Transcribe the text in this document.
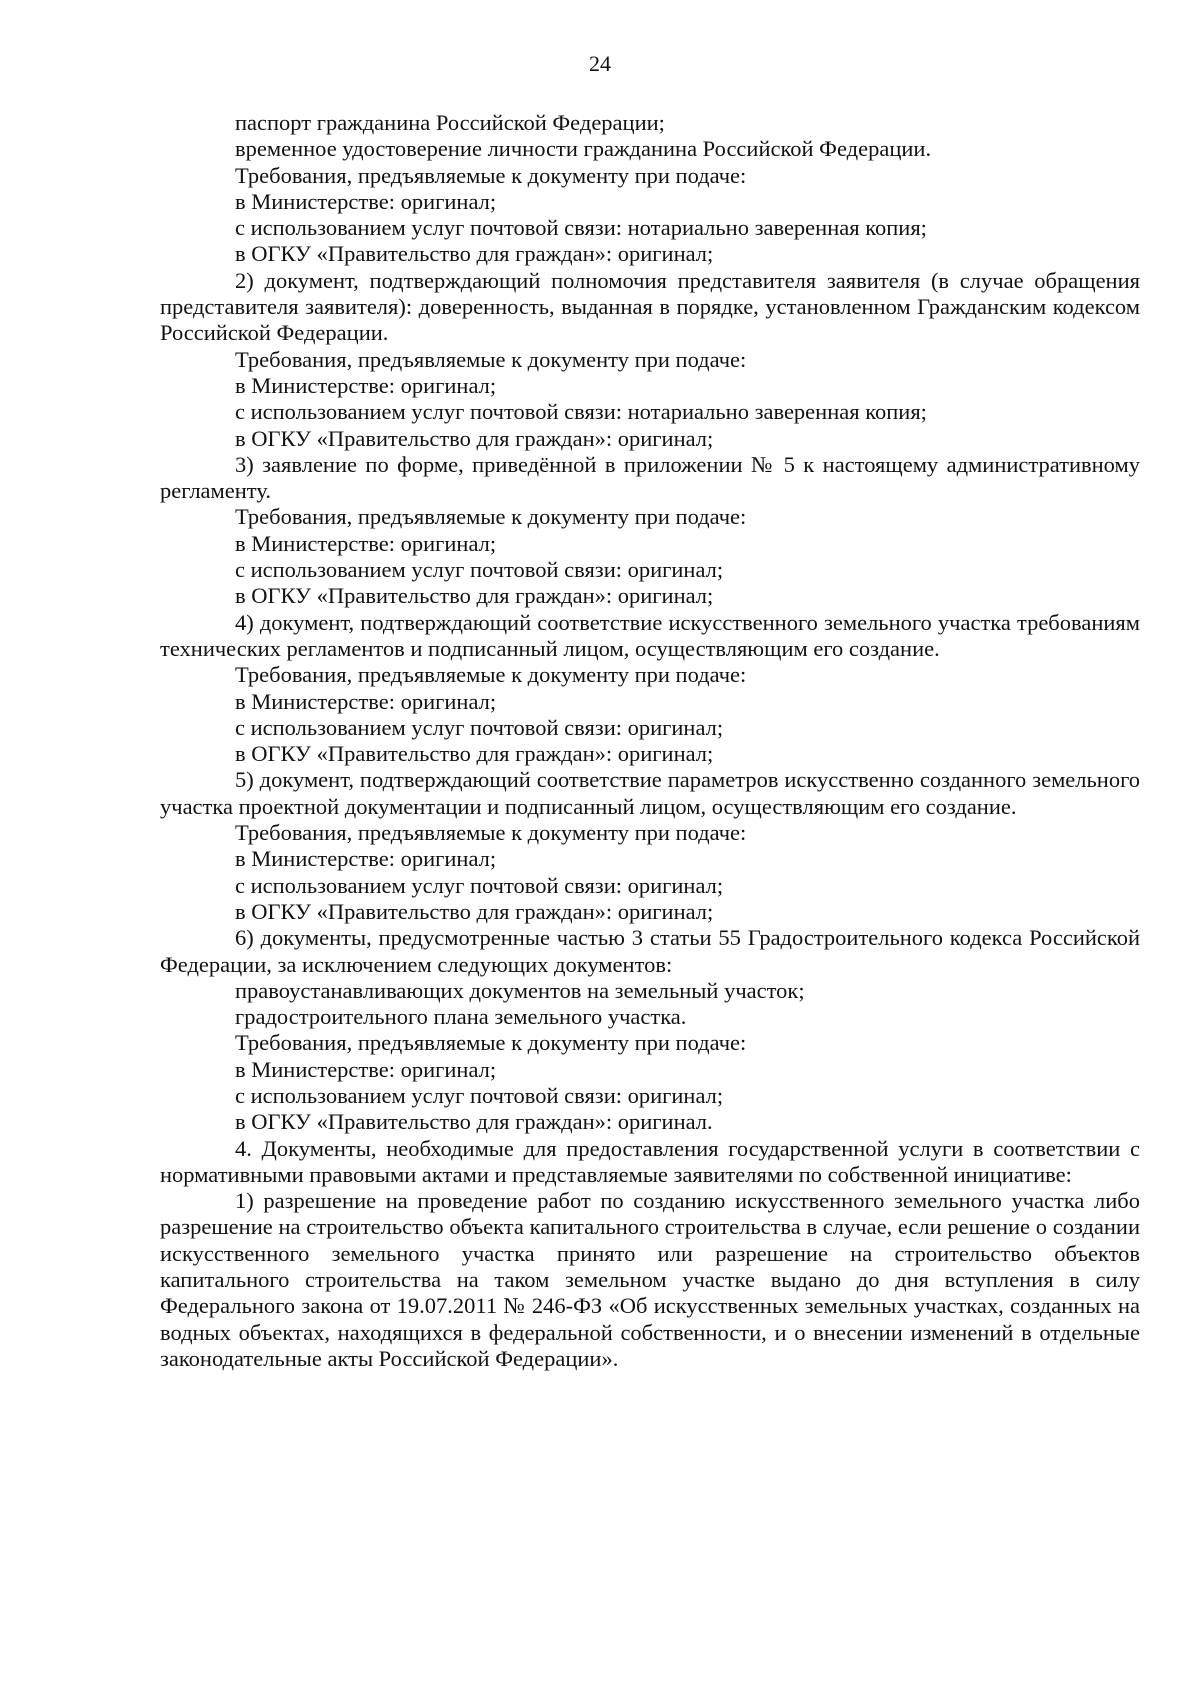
24

паспорт гражданина Российской Федерации;

временное удостоверение личности гражданина Российской Федерации.

Требования, предъявляемые к документу при подаче:

в Министерстве: оригинал;

с использованием услуг почтовой связи: нотариально заверенная копия;

в ОГКУ «Правительство для граждан»: оригинал;

2) документ, подтверждающий полномочия представителя заявителя (в случае обращения представителя заявителя): доверенность, выданная в порядке, установленном Гражданским кодексом Российской Федерации.

Требования, предъявляемые к документу при подаче:

в Министерстве: оригинал;

с использованием услуг почтовой связи: нотариально заверенная копия;

в ОГКУ «Правительство для граждан»: оригинал;

3) заявление по форме, приведённой в приложении № 5 к настоящему административному регламенту.

Требования, предъявляемые к документу при подаче:

в Министерстве: оригинал;

с использованием услуг почтовой связи: оригинал;

в ОГКУ «Правительство для граждан»: оригинал;

4) документ, подтверждающий соответствие искусственного земельного участка требованиям технических регламентов и подписанный лицом, осуществляющим его создание.

Требования, предъявляемые к документу при подаче:

в Министерстве: оригинал;

с использованием услуг почтовой связи: оригинал;

в ОГКУ «Правительство для граждан»: оригинал;

5) документ, подтверждающий соответствие параметров искусственно созданного земельного участка проектной документации и подписанный лицом, осуществляющим его создание.

Требования, предъявляемые к документу при подаче:

в Министерстве: оригинал;

с использованием услуг почтовой связи: оригинал;

в ОГКУ «Правительство для граждан»: оригинал;

6) документы, предусмотренные частью 3 статьи 55 Градостроительного кодекса Российской Федерации, за исключением следующих документов:

правоустанавливающих документов на земельный участок;

градостроительного плана земельного участка.

Требования, предъявляемые к документу при подаче:

в Министерстве: оригинал;

с использованием услуг почтовой связи: оригинал;

в ОГКУ «Правительство для граждан»: оригинал.

4. Документы, необходимые для предоставления государственной услуги в соответствии с нормативными правовыми актами и представляемые заявителями по собственной инициативе:

1) разрешение на проведение работ по созданию искусственного земельного участка либо разрешение на строительство объекта капитального строительства в случае, если решение о создании искусственного земельного участка принято или разрешение на строительство объектов капитального строительства на таком земельном участке выдано до дня вступления в силу Федерального закона от 19.07.2011 № 246-ФЗ «Об искусственных земельных участках, созданных на водных объектах, находящихся в федеральной собственности, и о внесении изменений в отдельные законодательные акты Российской Федерации».
